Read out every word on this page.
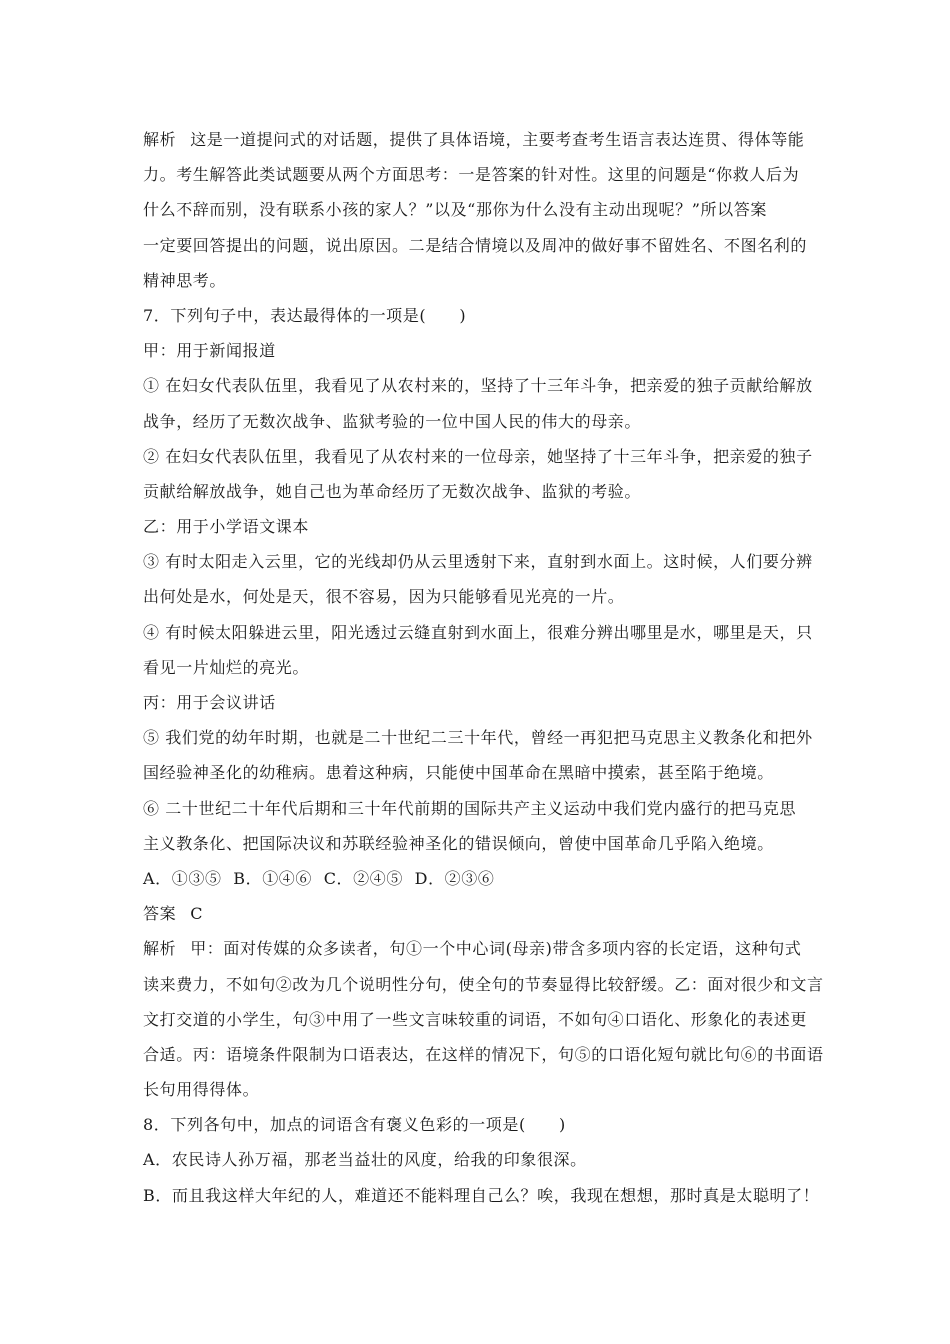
解析 这是一道提问式的对话题，提供了具体语境，主要考查考生语言表达连贯、得体等能
力。考生解答此类试题要从两个方面思考：一是答案的针对性。这里的问题是“你救人后为
什么不辞而别，没有联系小孩的家人？”以及“那你为什么没有主动出现呢？”所以答案
一定要回答提出的问题，说出原因。二是结合情境以及周冲的做好事不留姓名、不图名利的
精神思考。
7．下列句子中，表达最得体的一项是(　　)
甲：用于新闻报道
① 在妇女代表队伍里，我看见了从农村来的，坚持了十三年斗争，把亲爱的独子贡献给解放
战争，经历了无数次战争、监狱考验的一位中国人民的伟大的母亲。
② 在妇女代表队伍里，我看见了从农村来的一位母亲，她坚持了十三年斗争，把亲爱的独子
贡献给解放战争，她自己也为革命经历了无数次战争、监狱的考验。
乙：用于小学语文课本
③ 有时太阳走入云里，它的光线却仍从云里透射下来，直射到水面上。这时候，人们要分辨
出何处是水，何处是天，很不容易，因为只能够看见光亮的一片。
④ 有时候太阳躲进云里，阳光透过云缝直射到水面上，很难分辨出哪里是水，哪里是天，只
看见一片灿烂的亮光。
丙：用于会议讲话
⑤ 我们党的幼年时期，也就是二十世纪二三十年代，曾经一再犯把马克思主义教条化和把外
国经验神圣化的幼稚病。患着这种病，只能使中国革命在黑暗中摸索，甚至陷于绝境。
⑥ 二十世纪二十年代后期和三十年代前期的国际共产主义运动中我们党内盛行的把马克思
主义教条化、把国际决议和苏联经验神圣化的错误倾向，曾使中国革命几乎陷入绝境。
A．①③⑤ B．①④⑥ C．②④⑤ D．②③⑥
答案 C
解析 甲：面对传媒的众多读者，句①一个中心词(母亲)带含多项内容的长定语，这种句式
读来费力，不如句②改为几个说明性分句，使全句的节奏显得比较舒缓。乙：面对很少和文言
文打交道的小学生，句③中用了一些文言味较重的词语，不如句④口语化、形象化的表述更
合适。丙：语境条件限制为口语表达，在这样的情况下，句⑤的口语化短句就比句⑥的书面语
长句用得得体。
8．下列各句中，加点的词语含有褒义色彩的一项是(　　)
A．农民诗人孙万福，那老当益壮的风度，给我的印象很深。
B．而且我这样大年纪的人，难道还不能料理自己么？唉，我现在想想，那时真是太聪明了！
